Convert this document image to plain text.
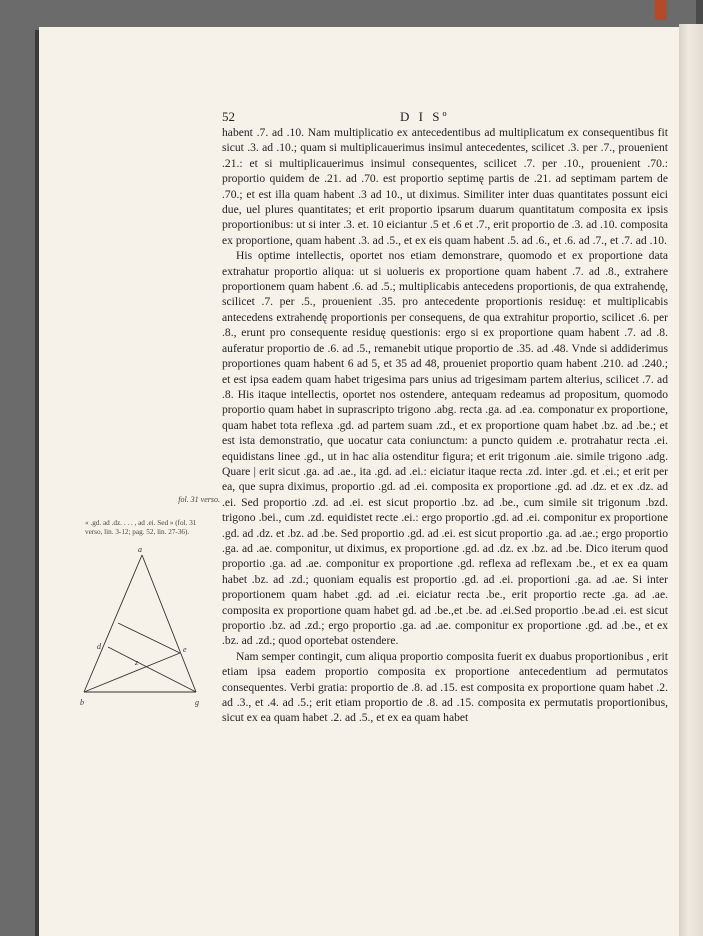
52	D I Sº
fol. 31 verso.
« .gd. ad .dz. . . . , ad .ei. Sed » (fol. 31 verso, lin. 3-12; pag. 52, lin. 27-36).
a
d	e
z
b	g

habent .7. ad .10. Nam multiplicatio ex antecedentibus ad multiplicatum ex consequentibus fit sicut .3. ad .10.; quam si multiplicauerimus insimul antecedentes, scilicet .3. per .7., prouenient .21.: et si multiplicauerimus insimul consequentes, scilicet .7. per .10., prouenient .70.: proportio quidem de .21. ad .70. est proportio septimę partis de .21. ad septimam partem de .70.; et est illa quam habent .3 ad 10., ut diximus. Similiter inter duas quantitates possunt eici due, uel plures quantitates; et erit proportio ipsarum duarum quantitatum composita ex ipsis proportionibus: ut si inter .3. et. 10 eiciantur .5 et .6 et .7., erit proportio de .3. ad .10. composita ex proportione, quam habent .3. ad .5., et ex eis quam habent .5. ad .6., et .6. ad .7., et .7. ad .10.

His optime intellectis, oportet nos etiam demonstrare, quomodo et ex proportione data extrahatur proportio aliqua: ut si uolueris ex proportione quam habent .7. ad .8., extrahere proportionem quam habent .6. ad .5.; multiplicabis antecedens proportionis, de qua extrahendę, scilicet .7. per .5., prouenient .35. pro antecedente proportionis residuę: et multiplicabis antecedens extrahendę proportionis per consequens, de qua extrahitur proportio, scilicet .6. per .8., erunt pro consequente residuę questionis: ergo si ex proportione quam habent .7. ad .8. auferatur proportio de .6. ad .5., remanebit utique proportio de .35. ad .48. Vnde si addiderimus proportiones quam habent 6 ad 5, et 35 ad 48, proueniet proportio quam habent .210. ad .240.; et est ipsa eadem quam habet trigesima pars unius ad trigesimam partem alterius, scilicet .7. ad .8. His itaque intellectis, oportet nos ostendere, antequam redeamus ad propositum, quomodo proportio quam habet in suprascripto trigono .abg. recta .ga. ad .ea. componatur ex proportione, quam habet tota reflexa .gd. ad partem suam .zd., et ex proportione quam habet .bz. ad .be.; et est ista demonstratio, que uocatur cata coniunctum: a puncto quidem .e. protrahatur recta .ei. equidistans linee .gd., ut in hac alia ostenditur figura; et erit trigonum .aie. simile trigono .adg. Quare | erit sicut .ga. ad .ae., ita .gd. ad .ei.: eiciatur itaque recta .zd. inter .gd. et .ei.; et erit per ea, que supra diximus, proportio .gd. ad .ei. composita ex proportione .gd. ad .dz. et ex .dz. ad .ei. Sed proportio .zd. ad .ei. est sicut proportio .bz. ad .be., cum simile sit trigonum .bzd. trigono .bei., cum .zd. equidistet recte .ei.: ergo proportio .gd. ad .ei. componitur ex proportione .gd. ad .dz. et .bz. ad .be. Sed proportio .gd. ad .ei. est sicut proportio .ga. ad .ae.; ergo proportio .ga. ad .ae. componitur, ut diximus, ex proportione .gd. ad .dz. ex .bz. ad .be. Dico iterum quod proportio .ga. ad .ae. componitur ex proportione .gd. reflexa ad reflexam .be., et ex ea quam habet .bz. ad .zd.; quoniam equalis est proportio .gd. ad .ei. proportioni .ga. ad .ae. Si inter proportionem quam habet .gd. ad .ei. eiciatur recta .be., erit proportio recte .ga. ad .ae. composita ex proportione quam habet gd. ad .be.,et .be. ad .ei.Sed proportio .be.ad .ei. est sicut proportio .bz. ad .zd.; ergo proportio .ga. ad .ae. componitur ex proportione .gd. ad .be., et ex .bz. ad .zd.; quod oportebat ostendere.

Nam semper contingit, cum aliqua proportio composita fuerit ex duabus proportionibus , erit etiam ipsa eadem proportio composita ex proportione antecedentium ad permutatos consequentes. Verbi gratia: proportio de .8. ad .15. est composita ex proportione quam habet .2. ad .3., et .4. ad .5.; erit etiam proportio de .8. ad .15. composita ex permutatis proportionibus, sicut ex ea quam habet .2. ad .5., et ex ea quam habet
